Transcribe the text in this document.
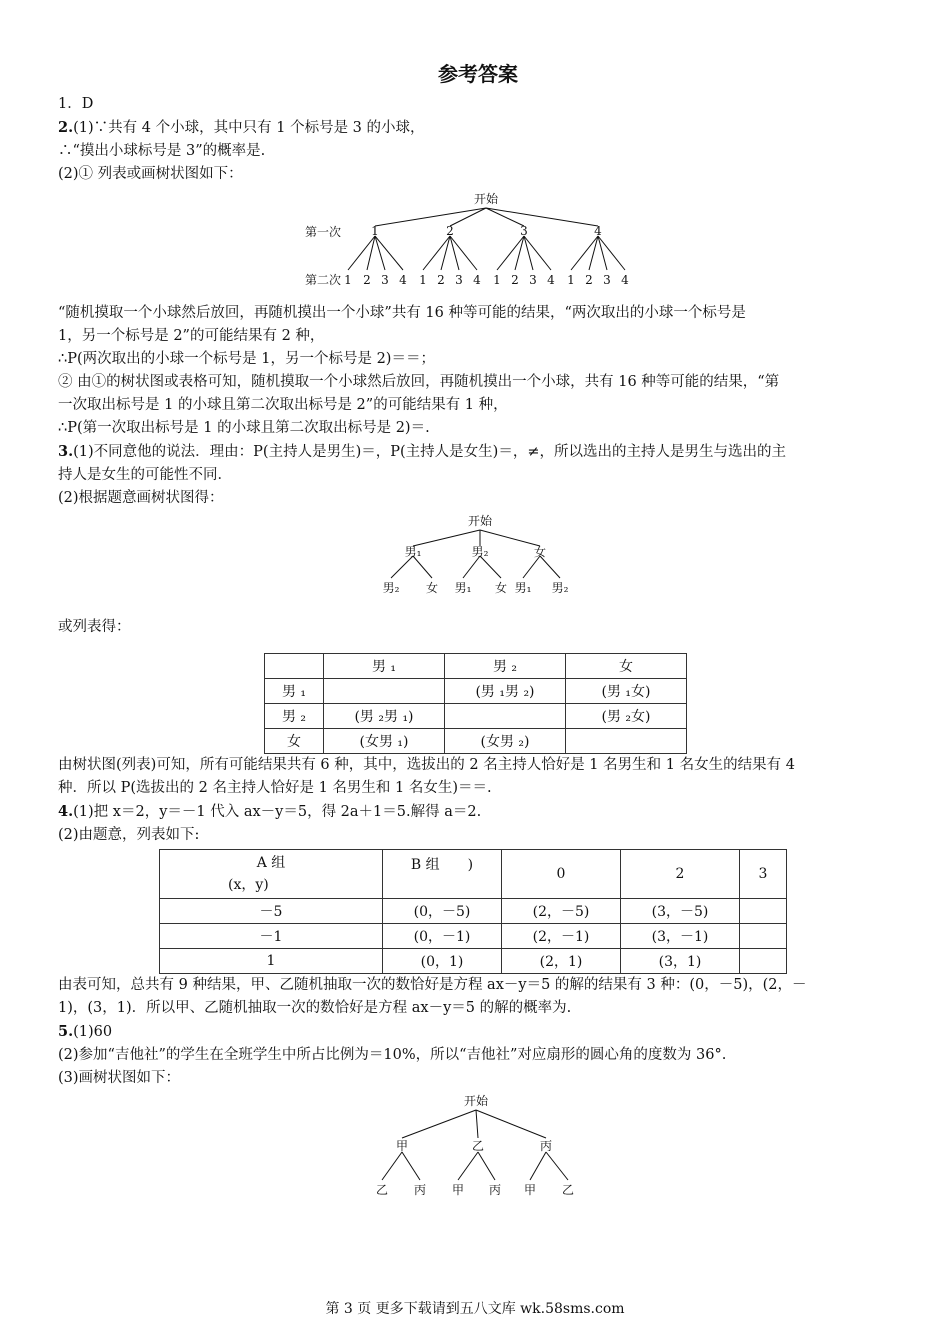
参考答案

1．D

2.(1)∵共有 4 个小球，其中只有 1 个标号是 3 的小球，

∴“摸出小球标号是 3”的概率是.

(2)① 列表或画树状图如下：

开始
第一次
第二次
1	2	3	4
1 2 3 4 1 2 3 4 1 2 3 4 1 2 3 4

“随机摸取一个小球然后放回，再随机摸出一个小球”共有 16 种等可能的结果，“两次取出的小球一个标号是

1，另一个标号是 2”的可能结果有 2 种，

∴P(两次取出的小球一个标号是 1，另一个标号是 2)＝＝；

② 由①的树状图或表格可知，随机摸取一个小球然后放回，再随机摸出一个小球，共有 16 种等可能的结果，“第

一次取出标号是 1 的小球且第二次取出标号是 2”的可能结果有 1 种，

∴P(第一次取出标号是 1 的小球且第二次取出标号是 2)＝.

3.(1)不同意他的说法．理由：P(主持人是男生)＝，P(主持人是女生)＝，≠，所以选出的主持人是男生与选出的主

持人是女生的可能性不同．

(2)根据题意画树状图得：

开始
男₁	男₂	女
男₂ 女 男₁ 女 男₁ 男₂

或列表得：

	男 ₁	男 ₂	女
男 ₁		(男 ₁男 ₂)	(男 ₁女)
男 ₂	(男 ₂男 ₁)		(男 ₂女)
女	(女男 ₁)	(女男 ₂)	

由树状图(列表)可知，所有可能结果共有 6 种，其中，选拔出的 2 名主持人恰好是 1 名男生和 1 名女生的结果有 4

种．所以 P(选拔出的 2 名主持人恰好是 1 名男生和 1 名女生)＝＝.

4.(1)把 x＝2，y＝－1 代入 ax－y＝5，得 2a＋1＝5.解得 a＝2.

(2)由题意，列表如下:

A 组
(x，y)	B 组　　)	0	2	3
－5	(0，－5)	(2，－5)	(3，－5)	
－1	(0，－1)	(2，－1)	(3，－1)	
1	(0，1)	(2，1)	(3，1)	

由表可知，总共有 9 种结果，甲、乙随机抽取一次的数恰好是方程 ax－y＝5 的解的结果有 3 种：(0，－5)，(2，－

1)，(3，1)．所以甲、乙随机抽取一次的数恰好是方程 ax－y＝5 的解的概率为.

5.(1)60

(2)参加“吉他社”的学生在全班学生中所占比例为＝10%，所以“吉他社”对应扇形的圆心角的度数为 36°.

(3)画树状图如下：

开始
甲	乙	丙
乙 丙 甲 丙 甲 乙
第 3 页 更多下载请到五八文库 wk.58sms.com
